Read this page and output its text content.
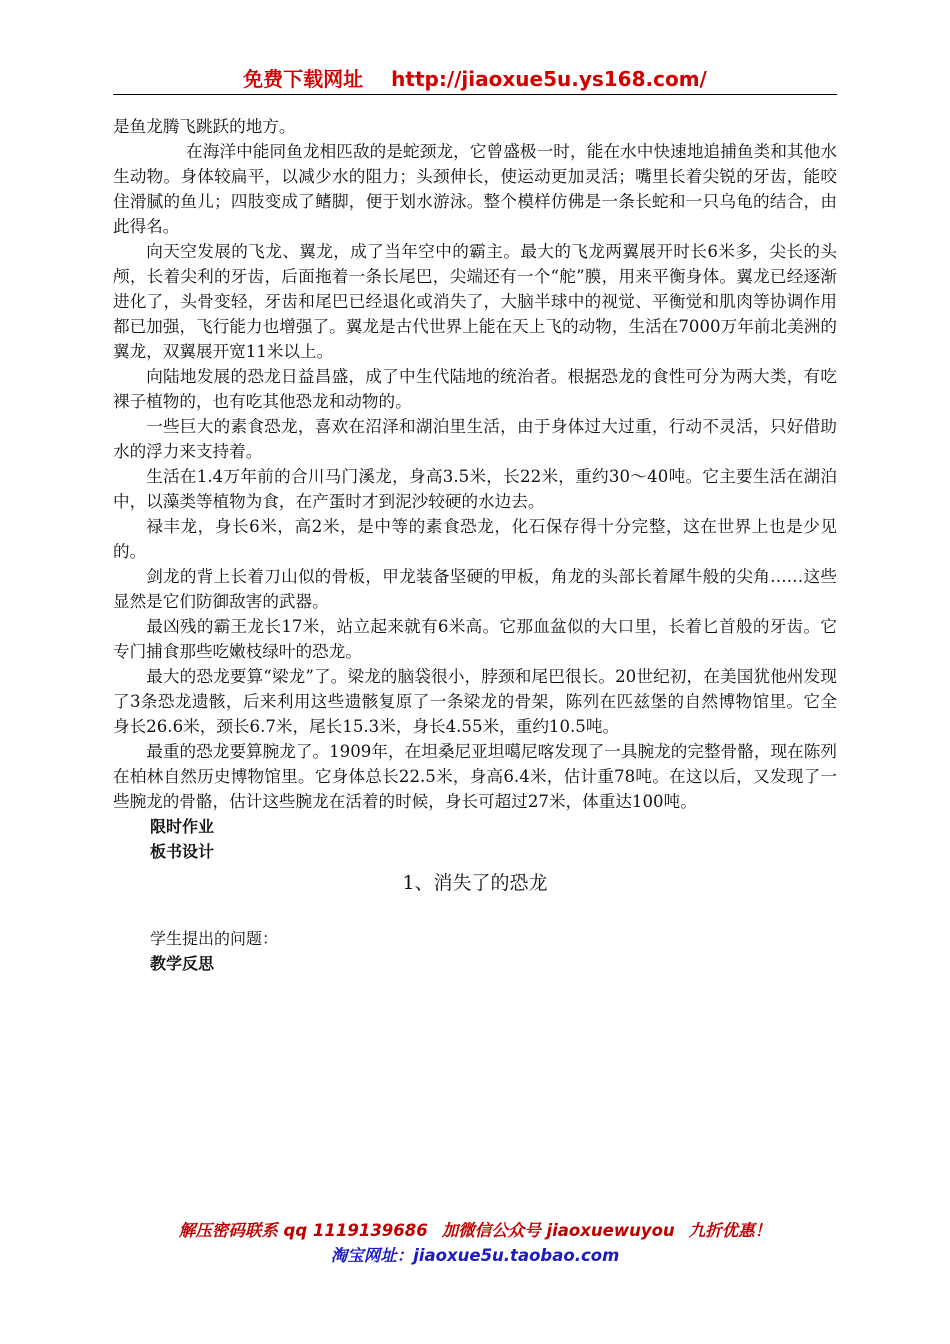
免费下载网址 http://jiaoxue5u.ys168.com/

是鱼龙腾飞跳跃的地方。

在海洋中能同鱼龙相匹敌的是蛇颈龙，它曾盛极一时，能在水中快速地追捕鱼类和其他水生动物。身体较扁平，以减少水的阻力；头颈伸长，使运动更加灵活；嘴里长着尖锐的牙齿，能咬住滑腻的鱼儿；四肢变成了鳍脚，便于划水游泳。整个模样仿佛是一条长蛇和一只乌龟的结合，由此得名。

向天空发展的飞龙、翼龙，成了当年空中的霸主。最大的飞龙两翼展开时长6米多，尖长的头颅，长着尖利的牙齿，后面拖着一条长尾巴，尖端还有一个“舵”膜，用来平衡身体。翼龙已经逐渐进化了，头骨变轻，牙齿和尾巴已经退化或消失了，大脑半球中的视觉、平衡觉和肌肉等协调作用都已加强，飞行能力也增强了。翼龙是古代世界上能在天上飞的动物，生活在7000万年前北美洲的翼龙，双翼展开宽11米以上。

向陆地发展的恐龙日益昌盛，成了中生代陆地的统治者。根据恐龙的食性可分为两大类，有吃裸子植物的，也有吃其他恐龙和动物的。

一些巨大的素食恐龙，喜欢在沼泽和湖泊里生活，由于身体过大过重，行动不灵活，只好借助水的浮力来支持着。

生活在1.4万年前的合川马门溪龙，身高3.5米，长22米，重约30～40吨。它主要生活在湖泊中，以藻类等植物为食，在产蛋时才到泥沙较硬的水边去。

禄丰龙，身长6米，高2米，是中等的素食恐龙，化石保存得十分完整，这在世界上也是少见的。

剑龙的背上长着刀山似的骨板，甲龙装备坚硬的甲板，角龙的头部长着犀牛般的尖角……这些显然是它们防御敌害的武器。

最凶残的霸王龙长17米，站立起来就有6米高。它那血盆似的大口里，长着匕首般的牙齿。它专门捕食那些吃嫩枝绿叶的恐龙。

最大的恐龙要算“梁龙”了。梁龙的脑袋很小，脖颈和尾巴很长。20世纪初，在美国犹他州发现了3条恐龙遗骸，后来利用这些遗骸复原了一条梁龙的骨架，陈列在匹兹堡的自然博物馆里。它全身长26.6米，颈长6.7米，尾长15.3米，身长4.55米，重约10.5吨。

最重的恐龙要算腕龙了。1909年，在坦桑尼亚坦噶尼喀发现了一具腕龙的完整骨骼，现在陈列在柏林自然历史博物馆里。它身体总长22.5米，身高6.4米，估计重78吨。在这以后，又发现了一些腕龙的骨骼，估计这些腕龙在活着的时候，身长可超过27米，体重达100吨。

限时作业
板书设计
1、消失了的恐龙
学生提出的问题：
教学反思
解压密码联系 qq 1119139686 加微信公众号 jiaoxuewuyou 九折优惠！
淘宝网址：jiaoxue5u.taobao.com
